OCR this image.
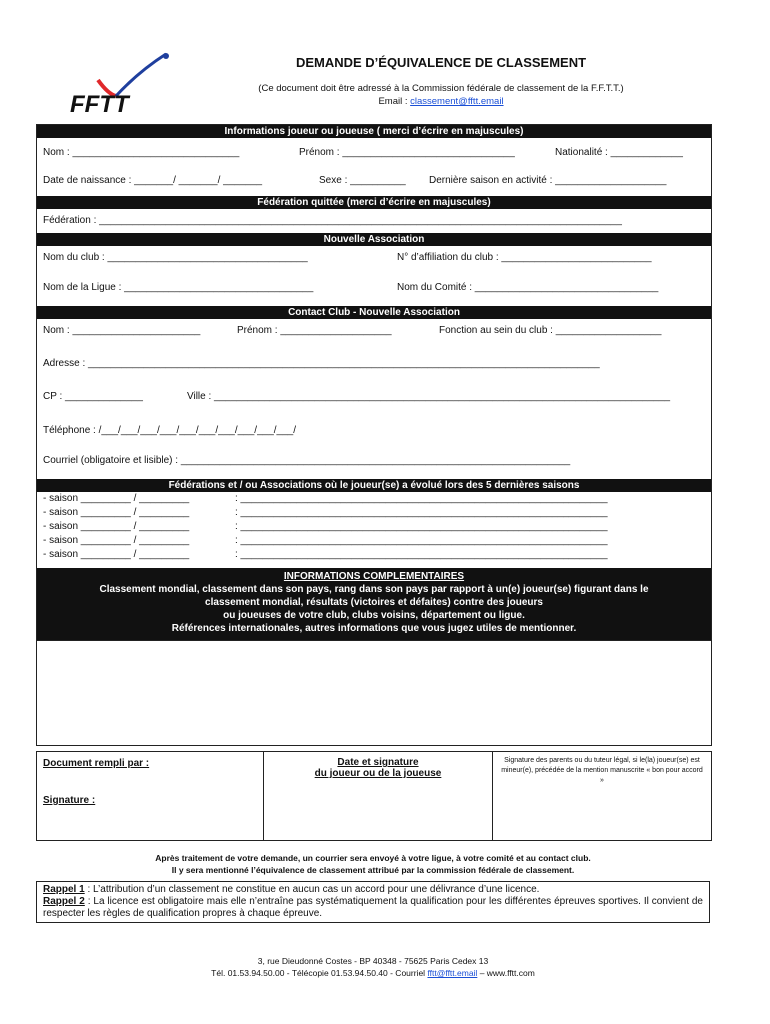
FFTT
DEMANDE D’ÉQUIVALENCE DE CLASSEMENT
(Ce document doit être adressé à la Commission fédérale de classement de la F.F.T.T.)
Email : classement@fftt.email
Informations joueur ou joueuse ( merci d’écrire en majuscules)
Nom : ______________________________	Prénom : _______________________________	Nationalité : _____________
Date de naissance : _______/ _______/ _______	Sexe : __________ Dernière saison en activité : ____________________
Fédération quittée (merci d’écrire en majuscules)
Fédération : ______________________________________________________________________________________________
Nouvelle Association
Nom du club : ____________________________________	N° d’affiliation du club : ___________________________
Nom de la Ligue : __________________________________	Nom du Comité : _________________________________
Contact Club - Nouvelle Association
Nom : _______________________	Prénom : ____________________	Fonction au sein du club : ___________________
Adresse : ____________________________________________________________________________________________
CP : ______________	Ville : __________________________________________________________________________________
Téléphone : /___/___/___/___/___/___/___/___/___/___/
Courriel (obligatoire et lisible) : ______________________________________________________________________
Fédérations et / ou Associations où le joueur(se) a évolué lors des 5 dernières saisons
- saison _________ / _________	: __________________________________________________________________
- saison _________ / _________	: __________________________________________________________________
- saison _________ / _________	: __________________________________________________________________
- saison _________ / _________	: __________________________________________________________________
- saison _________ / _________	: __________________________________________________________________
INFORMATIONS COMPLEMENTAIRES
Classement mondial, classement dans son pays, rang dans son pays par rapport à un(e) joueur(se) figurant dans le
classement mondial, résultats (victoires et défaites) contre des joueurs
ou joueuses de votre club, clubs voisins, département ou ligue.
Références internationales, autres informations que vous jugez utiles de mentionner.
Document rempli par :
Signature :
Date et signature
du joueur ou de la joueuse
Signature des parents ou du tuteur légal, si le(la) joueur(se) est mineur(e), précédée de la mention manuscrite « bon pour accord »
Après traitement de votre demande, un courrier sera envoyé à votre ligue, à votre comité et au contact club.
Il y sera mentionné l’équivalence de classement attribué par la commission fédérale de classement.
Rappel 1 : L’attribution d’un classement ne constitue en aucun cas un accord pour une délivrance d’une licence.
Rappel 2 : La licence est obligatoire mais elle n’entraîne pas systématiquement la qualification pour les différentes épreuves sportives. Il convient de respecter les règles de qualification propres à chaque épreuve.
3, rue Dieudonné Costes - BP 40348 - 75625 Paris Cedex 13
Tél. 01.53.94.50.00 - Télécopie 01.53.94.50.40 - Courriel fftt@fftt.email – www.fftt.com
